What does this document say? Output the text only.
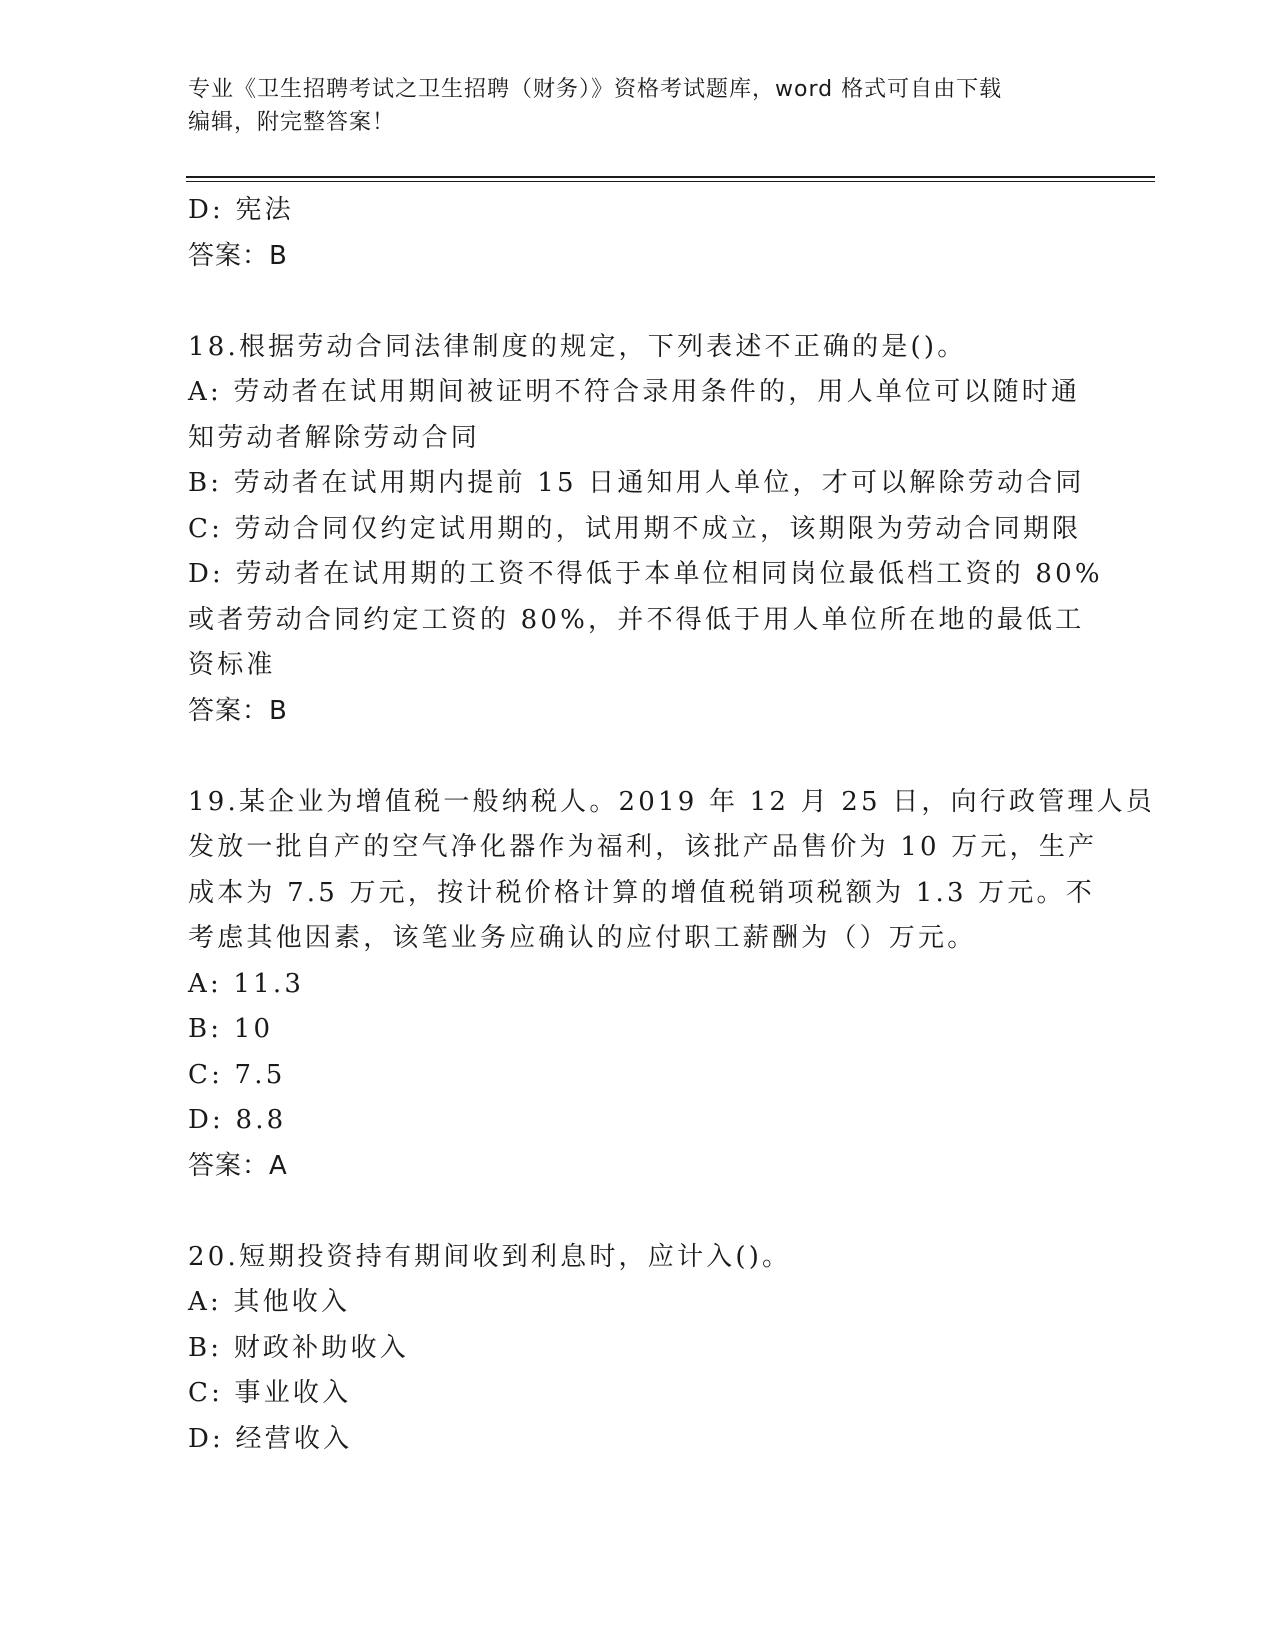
专业《卫生招聘考试之卫生招聘（财务）》资格考试题库，word 格式可自由下载
编辑，附完整答案！
D: 宪法
答案：B
18.根据劳动合同法律制度的规定，下列表述不正确的是()。
A: 劳动者在试用期间被证明不符合录用条件的，用人单位可以随时通
知劳动者解除劳动合同
B: 劳动者在试用期内提前 15 日通知用人单位，才可以解除劳动合同
C: 劳动合同仅约定试用期的，试用期不成立，该期限为劳动合同期限
D: 劳动者在试用期的工资不得低于本单位相同岗位最低档工资的 80%
或者劳动合同约定工资的 80%，并不得低于用人单位所在地的最低工
资标准
答案：B
19.某企业为增值税一般纳税人。2019 年 12 月 25 日，向行政管理人员
发放一批自产的空气净化器作为福利，该批产品售价为 10 万元，生产
成本为 7.5 万元，按计税价格计算的增值税销项税额为 1.3 万元。不
考虑其他因素，该笔业务应确认的应付职工薪酬为（）万元。
A: 11.3
B: 10
C: 7.5
D: 8.8
答案：A
20.短期投资持有期间收到利息时，应计入()。
A: 其他收入
B: 财政补助收入
C: 事业收入
D: 经营收入
